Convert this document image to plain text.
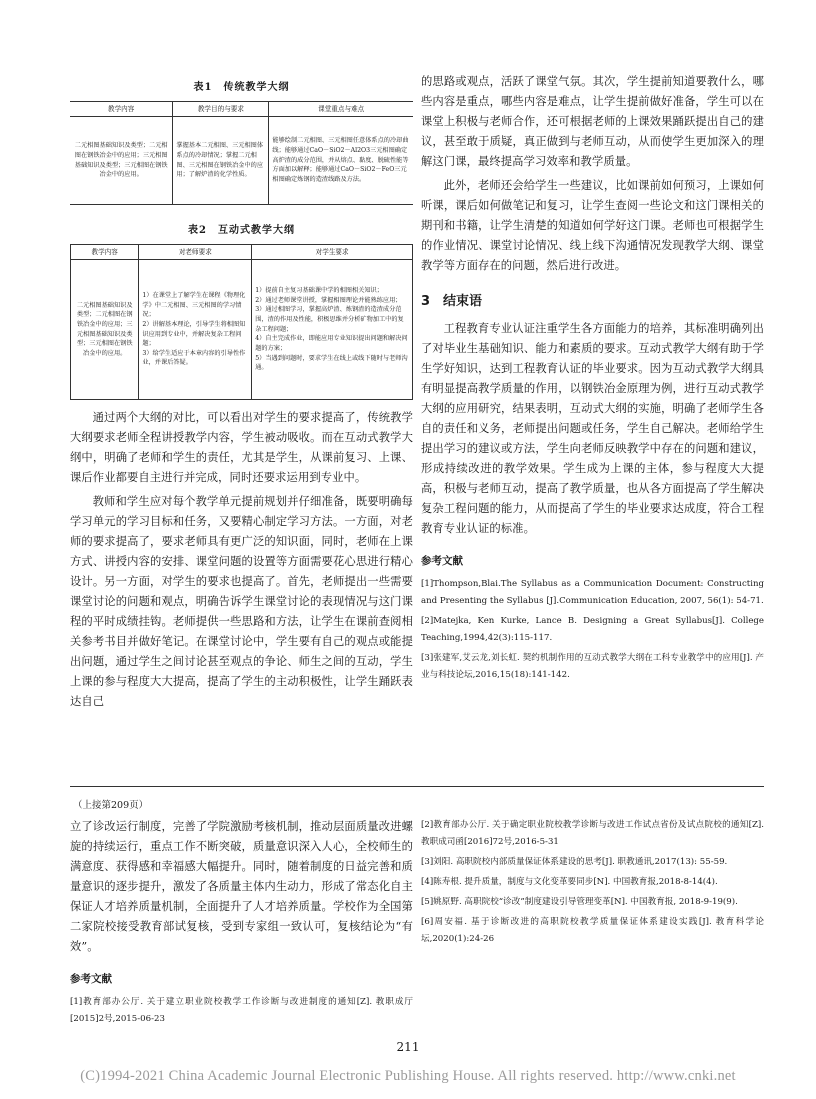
表1　传统教学大纲
教学内容	教学目的与要求	课堂重点与难点
二元相图基础知识及类型；二元相图在钢铁冶金中的应用；三元相图基础知识及类型；三元相图在钢铁冶金中的应用。	掌握基本二元相图、三元相图体系点的冷却情况；掌握二元相图、三元相图在钢铁冶金中的应用；了解炉渣的化学性质。	能够绘制二元相图、三元相图任意体系点的冷却曲线；能够通过CaO－SiO2－Al2O3三元相图确定高炉渣的成分范围，并从熔点、黏度、脱硫性能等方面加以解释；能够通过CaO－SiO2－FeO三元相图确定炼钢的造渣线路及方法。
表2　互动式教学大纲
教学内容	对老师要求	对学生要求
二元相图基础知识及类型；二元相图在钢铁冶金中的应用；三元相图基础知识及类型；三元相图在钢铁冶金中的应用。	1）在课堂上了解学生在课程《物理化学》中二元相图、三元相图的学习情况；
2）讲解基本理论，引导学生将相图知识应用到专业中，并解决复杂工程问题；
3）给学生适应于本章内容的引导性作业，并课后答疑。	1）提前自主复习基础课中学的相图相关知识；
2）通过老师课堂讲授，掌握相图理论并能熟练应用；
3）通过相图学习，掌握高炉渣、炼钢渣的造渣成分范围，渣的作用及性能，积极思维并分析矿物加工中的复杂工程问题；
4）自主完成作业，即能应用专业知识提出问题和解决问题的方案；
5）当遇到问题时，要求学生在线上或线下随时与老师沟通。

通过两个大纲的对比，可以看出对学生的要求提高了，传统教学大纲要求老师全程讲授教学内容，学生被动吸收。而在互动式教学大纲中，明确了老师和学生的责任，尤其是学生，从课前复习、上课、课后作业都要自主进行并完成，同时还要求运用到专业中。

教师和学生应对每个教学单元提前规划并仔细准备，既要明确每学习单元的学习目标和任务，又要精心制定学习方法。一方面，对老师的要求提高了，要求老师具有更广泛的知识面，同时，老师在上课方式、讲授内容的安排、课堂问题的设置等方面需要花心思进行精心设计。另一方面，对学生的要求也提高了。首先，老师提出一些需要课堂讨论的问题和观点，明确告诉学生课堂讨论的表现情况与这门课程的平时成绩挂钩。老师提供一些思路和方法，让学生在课前查阅相关参考书目并做好笔记。在课堂讨论中，学生要有自己的观点或能提出问题，通过学生之间讨论甚至观点的争论、师生之间的互动，学生上课的参与程度大大提高，提高了学生的主动积极性，让学生踊跃表达自己

的思路或观点，活跃了课堂气氛。其次，学生提前知道要教什么，哪些内容是重点，哪些内容是难点，让学生提前做好准备，学生可以在课堂上积极与老师合作，还可根据老师的上课效果踊跃提出自己的建议，甚至敢于质疑，真正做到与老师互动，从而使学生更加深入的理解这门课，最终提高学习效率和教学质量。

此外，老师还会给学生一些建议，比如课前如何预习，上课如何听课，课后如何做笔记和复习，让学生查阅一些论文和这门课相关的期刊和书籍，让学生清楚的知道如何学好这门课。老师也可根据学生的作业情况、课堂讨论情况、线上线下沟通情况发现教学大纲、课堂教学等方面存在的问题，然后进行改进。

3　结束语

工程教育专业认证注重学生各方面能力的培养，其标准明确列出了对毕业生基础知识、能力和素质的要求。互动式教学大纲有助于学生学好知识，达到工程教育认证的毕业要求。因为互动式教学大纲具有明显提高教学质量的作用，以钢铁冶金原理为例，进行互动式教学大纲的应用研究，结果表明，互动式大纲的实施，明确了老师学生各自的责任和义务，老师提出问题或任务，学生自己解决。老师给学生提出学习的建议或方法，学生向老师反映教学中存在的问题和建议，形成持续改进的教学效果。学生成为上课的主体，参与程度大大提高，积极与老师互动，提高了教学质量，也从各方面提高了学生解决复杂工程问题的能力，从而提高了学生的毕业要求达成度，符合工程教育专业认证的标准。

参考文献
[1]Thompson,Blai.The Syllabus as a Communication Document: Constructing and Presenting the Syllabus [J].Communication Education, 2007, 56(1): 54-71.
[2]Matejka, Ken Kurke, Lance B. Designing a Great Syllabus[J]. College Teaching,1994,42(3):115-117.
[3]张建军,艾云龙,刘长虹. 契约机制作用的互动式教学大纲在工科专业教学中的应用[J]. 产业与科技论坛,2016,15(18):141-142.
（上接第209页）

立了诊改运行制度，完善了学院激励考核机制，推动层面质量改进螺旋的持续运行，重点工作不断突破，质量意识深入人心，全校师生的满意度、获得感和幸福感大幅提升。同时，随着制度的日益完善和质量意识的逐步提升，激发了各质量主体内生动力，形成了常态化自主保证人才培养质量机制，全面提升了人才培养质量。学校作为全国第二家院校接受教育部试复核，受到专家组一致认可，复核结论为“有效”。

参考文献
[1]教育部办公厅. 关于建立职业院校教学工作诊断与改进制度的通知[Z]. 教职成厅[2015]2号,2015-06-23
[2]教育部办公厅. 关于确定职业院校教学诊断与改进工作试点省份及试点院校的通知[Z]. 教职成司函[2016]72号,2016-5-31
[3]刘阳. 高职院校内部质量保证体系建设的思考[J]. 职教通讯,2017(13): 55-59.
[4]陈寿根. 提升质量，制度与文化变革要同步[N]. 中国教育报,2018-8-14(4).
[5]姚原野. 高职院校“诊改”制度建设引导管理变革[N]. 中国教育报, 2018-9-19(9).
[6]周安福. 基于诊断改进的高职院校教学质量保证体系建设实践[J]. 教育科学论坛,2020(1):24-26
211
(C)1994-2021 China Academic Journal Electronic Publishing House. All rights reserved. http://www.cnki.net
